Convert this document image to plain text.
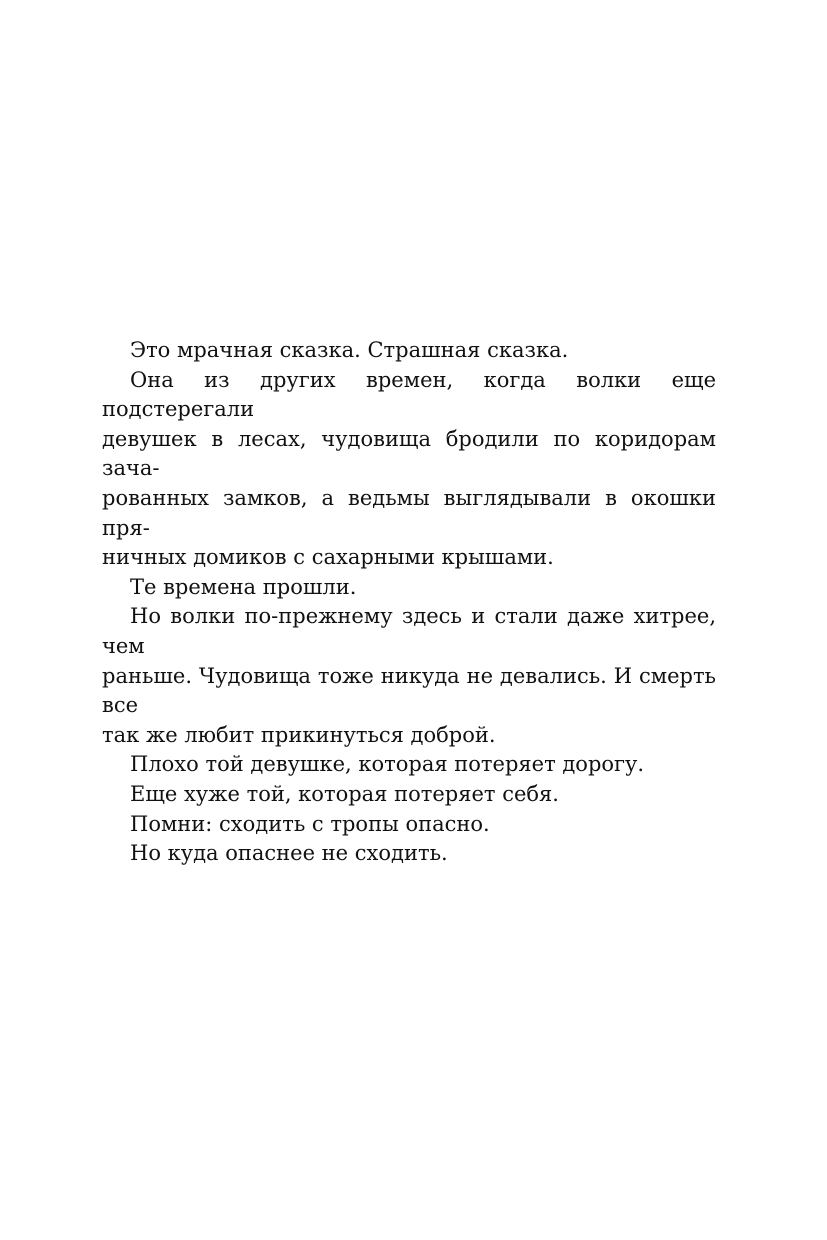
Это мрачная сказка. Страшная сказка.

Она из других времен, когда волки еще подстерегали
девушек в лесах, чудовища бродили по коридорам зача-
рованных замков, а ведьмы выглядывали в окошки пря-
ничных домиков с сахарными крышами.

Те времена прошли.

Но волки по-прежнему здесь и стали даже хитрее, чем
раньше. Чудовища тоже никуда не девались. И смерть все
так же любит прикинуться доброй.

Плохо той девушке, которая потеряет дорогу.

Еще хуже той, которая потеряет себя.

Помни: сходить с тропы опасно.

Но куда опаснее не сходить.
